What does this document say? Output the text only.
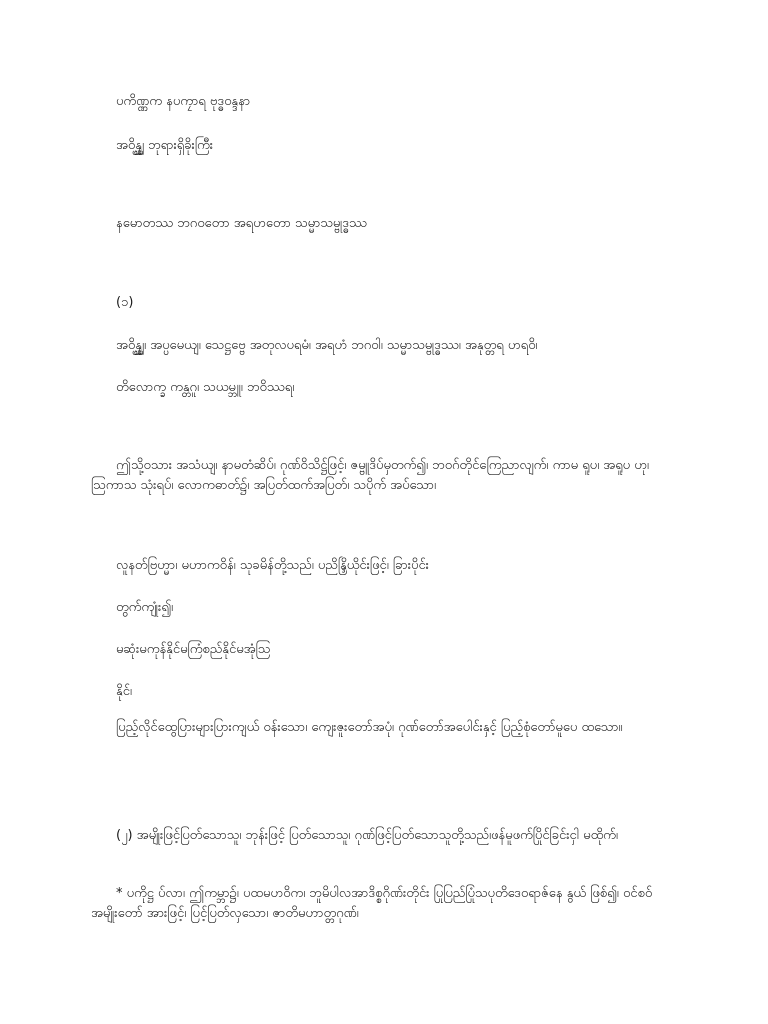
ပကိဏ္ဏက နပကၠာရ ဗုဒ္ဓဝန္ဒနာ
အဝိန္ဃ္ယျ ဘုရားရှိခိုးကြီး
နမောတဿ ဘဂဝတော အရဟတော သမ္မာသမ္ဗုဒ္ဓဿ
(၁)
အဝိန္ဃ္ယျ၊ အပ္ပမေယျ၊ သေဋ္ဌဗ္ဗေ အတုလပရမံ၊ အရဟံ ဘဂဝါ၊ သမ္မာသမ္ဗုဒ္ဓဿ၊ အနုတ္တရ ဟရဝိ၊
တိလောက္ခ ကန္တဂူ၊ သယမ္ဘူ၊ ဘဝိဿရ၊
ဤသို့ဝသား အသံယျ၊ နာမတံဆိပ်၊ ဂုဏ်ဝိသိဋ္ဌ်ဖြင့်၊ ဇမ္ဗူဒိပ်မှတက်၍၊ ဘဝဂ်တိုင်ကြေညာလျက်၊ ကာမ ရူပ၊ အရူပ ဟု၊ ဩကာသ သုံးရပ်၊ လောကဓာတ်၌၊ အပြတ်ထက်အပြတ်၊ သပိုက် အပ်သော၊
လူနတ်ဗြဟ္မာ၊ မဟာကဝိန်၊ သုခမိန်တို့သည်၊ ပညိန္ဒြိယိုင်းဖြင့်၊ ခြားပိုင်း
တွက်ကျုံး၍၊
မဆုံးမကုန်နိုင်မကြံစည်နိုင်မအုံသြ
နိုင်၊
ပြည့်လိုင်ထွေပြားများပြားကျယ် ဝန်းသော၊ ကျေးဇူးတော်အပုံ၊ ဂုဏ်တော်အပေါင်းနှင့် ပြည့်စုံတော်မူပေ ထသော။
(၂) အမျိုးဖြင့်ပြတ်သောသူ၊ ဘုန်းဖြင့် ပြတ်သောသူ၊ ဂုဏ်ဖြင့်ပြတ်သောသူတို့သည်၊ဖန်မူဖက်ပြိုင်ခြင်းငှါ မထိုက်၊
* ပကိုဋ္ဌ ပ်လာ၊ ဤကမ္ဘာ၌၊ ပထမဟဝိက၊ ဘူမိပါလအာဒိစ္စဂိုဏ်းတိုင်း ပြုပြည်ပြုံသပုတိဒေဝရာဇ်နေ နွယ် ဖြစ်၍၊ ဝင်စဝ် အမျိုးတော် အားဖြင့်၊ ပြင့်ပြတ်လှသော၊ ဇာတိမဟာတ္တဂုဏ်၊
